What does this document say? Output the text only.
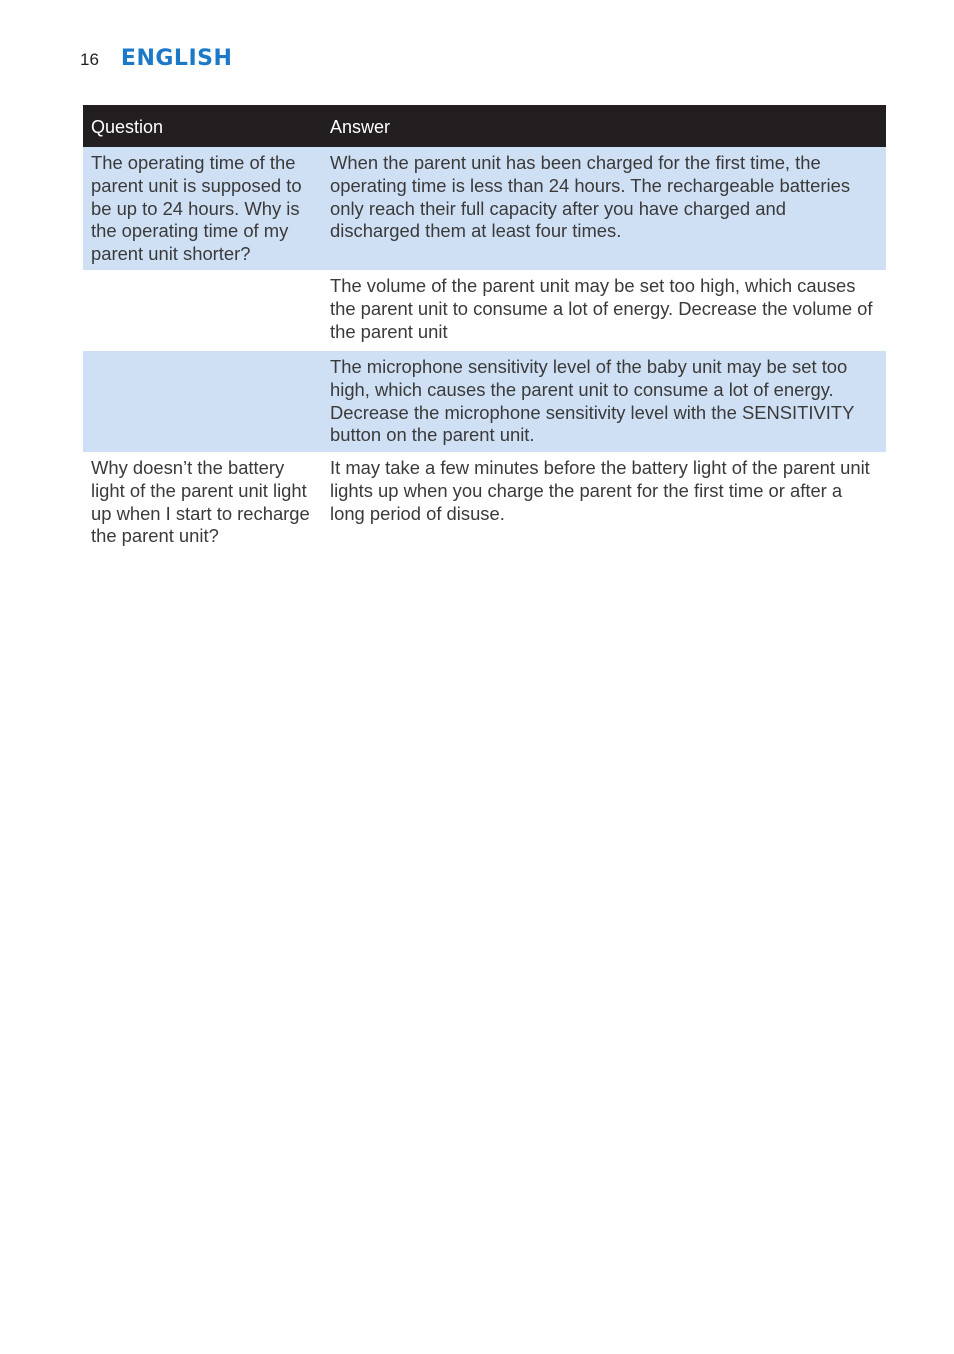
16 ENGLISH
Question	Answer
The operating time of the parent unit is supposed to be up to 24 hours. Why is the operating time of my parent unit shorter?
When the parent unit has been charged for the first time, the operating time is less than 24 hours. The rechargeable batteries only reach their full capacity after you have charged and discharged them at least four times.
The volume of the parent unit may be set too high, which causes the parent unit to consume a lot of energy. Decrease the volume of the parent unit
The microphone sensitivity level of the baby unit may be set too high, which causes the parent unit to consume a lot of energy. Decrease the microphone sensitivity level with the SENSITIVITY button on the parent unit.
Why doesn’t the battery light of the parent unit light up when I start to recharge the parent unit?
It may take a few minutes before the battery light of the parent unit lights up when you charge the parent for the first time or after a long period of disuse.
